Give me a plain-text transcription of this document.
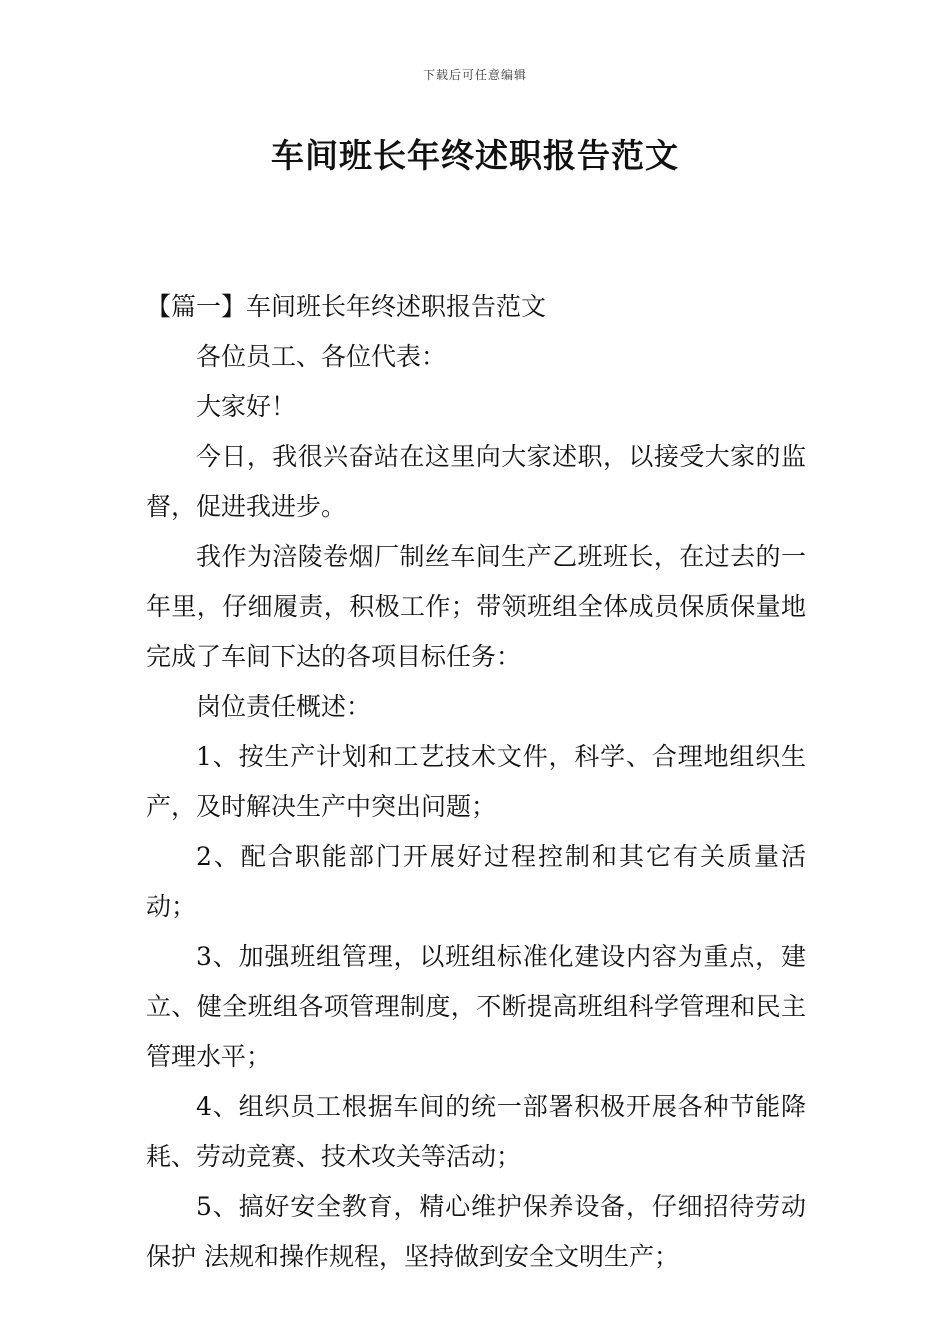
下载后可任意编辑
车间班长年终述职报告范文

【篇一】车间班长年终述职报告范文

各位员工、各位代表：

大家好！

今日，我很兴奋站在这里向大家述职，以接受大家的监督，促进我进步。

我作为涪陵卷烟厂制丝车间生产乙班班长，在过去的一年里，仔细履责，积极工作；带领班组全体成员保质保量地完成了车间下达的各项目标任务：

岗位责任概述：

1、按生产计划和工艺技术文件，科学、合理地组织生产，及时解决生产中突出问题；

2、配合职能部门开展好过程控制和其它有关质量活动；

3、加强班组管理，以班组标准化建设内容为重点，建立、健全班组各项管理制度，不断提高班组科学管理和民主管理水平；

4、组织员工根据车间的统一部署积极开展各种节能降耗、劳动竞赛、技术攻关等活动；

5、搞好安全教育，精心维护保养设备，仔细招待劳动保护 法规和操作规程，坚持做到安全文明生产；
